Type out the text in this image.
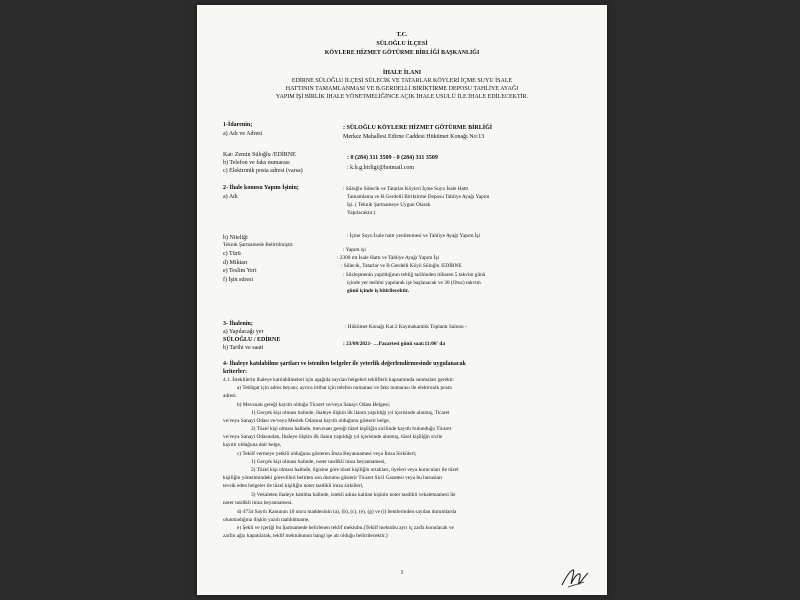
T.C.
SÜLOĞLU İLÇESİ
KÖYLERE HİZMET GÖTÜRME BİRLİĞİ BAŞKANLIĞI
İHALE İLANI
EDİRNE SÜLOĞLU İLÇESİ SÜLECİK VE TATARLAR KÖYLERİ İÇME SUYU İSALE
HATTININ TAMAMLANMASI VE B.GERDELLİ BİRİKTİRME DEPOSU TAHLİYE AYAĞI
YAPIM İŞİ BİRLİK İHALE YÖNETMELİĞİNCE AÇIK İHALE USULÜ İLE İHALE EDİLECEKTİR.
1-İdarenin;
a) Adı ve Adresi
: SÜLOĞLU KÖYLERE HİZMET GÖTÜRME BİRLİĞİ
Merkez Mahallesi Edirne Caddesi Hükümet Konağı No:13
Kat: Zemin Süloğlu /EDİRNE
b) Telefon ve faks numarası
: 0 (284) 311 3509 - 0 (284) 311 3509
c) Elektronik posta adresi (varsa)	: k.h.g.birligi@hotmail.com
2- İhale konusu Yapım İşinin;
a) Adı
: Süloğlu Sülecik ve Tatarlar Köyleri İçme Suyu İsale Hattı
Tamamlama ve B.Gerdelli Biriktirme Deposu Tahliye Ayağı Yapım
İşi. ( Teknik Şartnameye Uygun Olarak
Yapılacaktır.)
b) Niteliği
Teknik Şartnamede Belirtilmiştir.
: İçme Suyu İsale hattı yenilenmesi ve Tahliye Ayağı Yapım İşi
c) Türü
: Yapım işi
d) Miktarı
: 2300 mt İsale Hattı ve Tahliye Ayağı Yapım İşi
e) Teslim Yeri
: Sülecik, Tatarlar ve B.Gerdelli Köyü Süloğlu /EDİRNE
f) İşin süresi
: Sözleşmenin yapıldığının tebliğ tarihinden itibaren 5 takvim günü
içinde yer teslimi yapılarak işe başlanacak ve 30 (Otuz) takvim
günü içinde iş bitirilecektir.
3- İhalenin;
a) Yapılacağı yer
SÜLOĞLU / EDİRNE
b) Tarihi ve saati
: Hükümet Konağı Kat:2 Kaymakamlık Toplantı Salonu -
: 23/08/2021- …Pazartesi günü saat:11:00' da
4- İhaleye katılabilme şartları ve istenilen belgeler ile yeterlik değerlendirmesinde uygulanacak
kriterler:
4.1. İsteklilerin ihaleye katılabilmeleri için aşağıda sayılan belgeleri tekliflerii kapsamında sunmaları gerekir:
a) Tebligat için adres beyanı; ayrıca irtibat için telefon numarası ve faks numarası ile elektronik posta
adresi.
b) Mevzuatı gereği kayıtlı olduğu Ticaret ve/veya Sanayi Odası Belgesi;
1) Gerçek kişi olması halinde, ihaleye ilişkin ilk ilanın yapıldığı yıl içerisinde alınmış, Ticaret
ve/veya Sanayi Odası ve/veya Meslek Odasına kayıtlı olduğunu gösterir belge,
2) Tüzel kişi olması halinde, mevzuatı gereği tüzel kişiliğin sicilinde kayıtlı bulunduğu Ticaret
ve/veya Sanayi Odasından, İhaleye ilişkin ilk ilanın yapıldığı yıl içerisinde alınmış, tüzel kişiliğin sicile
kayıtlı olduğuna dair belge,
c) Teklif vermeye yetkili olduğunu gösteren İmza Beyannamesi veya İmza Sirküleri;
1) Gerçek kişi olması halinde, noter tasdikli imza beyannamesi,
2) Tüzel kişi olması halinde, ilgisine göre tüzel kişiliğin ortakları, üyeleri veya kurucuları ile tüzel
kişiliğin yönetimindeki görevlileri belirten son durumu gösterir Ticaret Sicil Gazetesi veya bu hususları
tevsik eden belgeler ile tüzel kişiliğin noter tasdikli imza sirküleri,
3) Vekaleten ihaleye katılma halinde, istekli adına katılan kişinin noter tasdikli vekaletnamesi ile
noter tasdikli imza beyannamesi.
d) 4734 Sayılı Kanunun 10 uncu maddesinin (a), (b), (c), (e), (g) ve (i) bentlerinden sayılan durumlarda
olunmadığına ilişkin yazılı taahhütname,
e) Şekli ve içeriği bu Şartnamede belirlenen teklif mektubu.(Teklif mektubu ayrı iç zarfa konulacak ve
zarfın ağzı kapatılarak, teklif mektubunun hangi işe ait olduğu belirtilecektir.)
1
